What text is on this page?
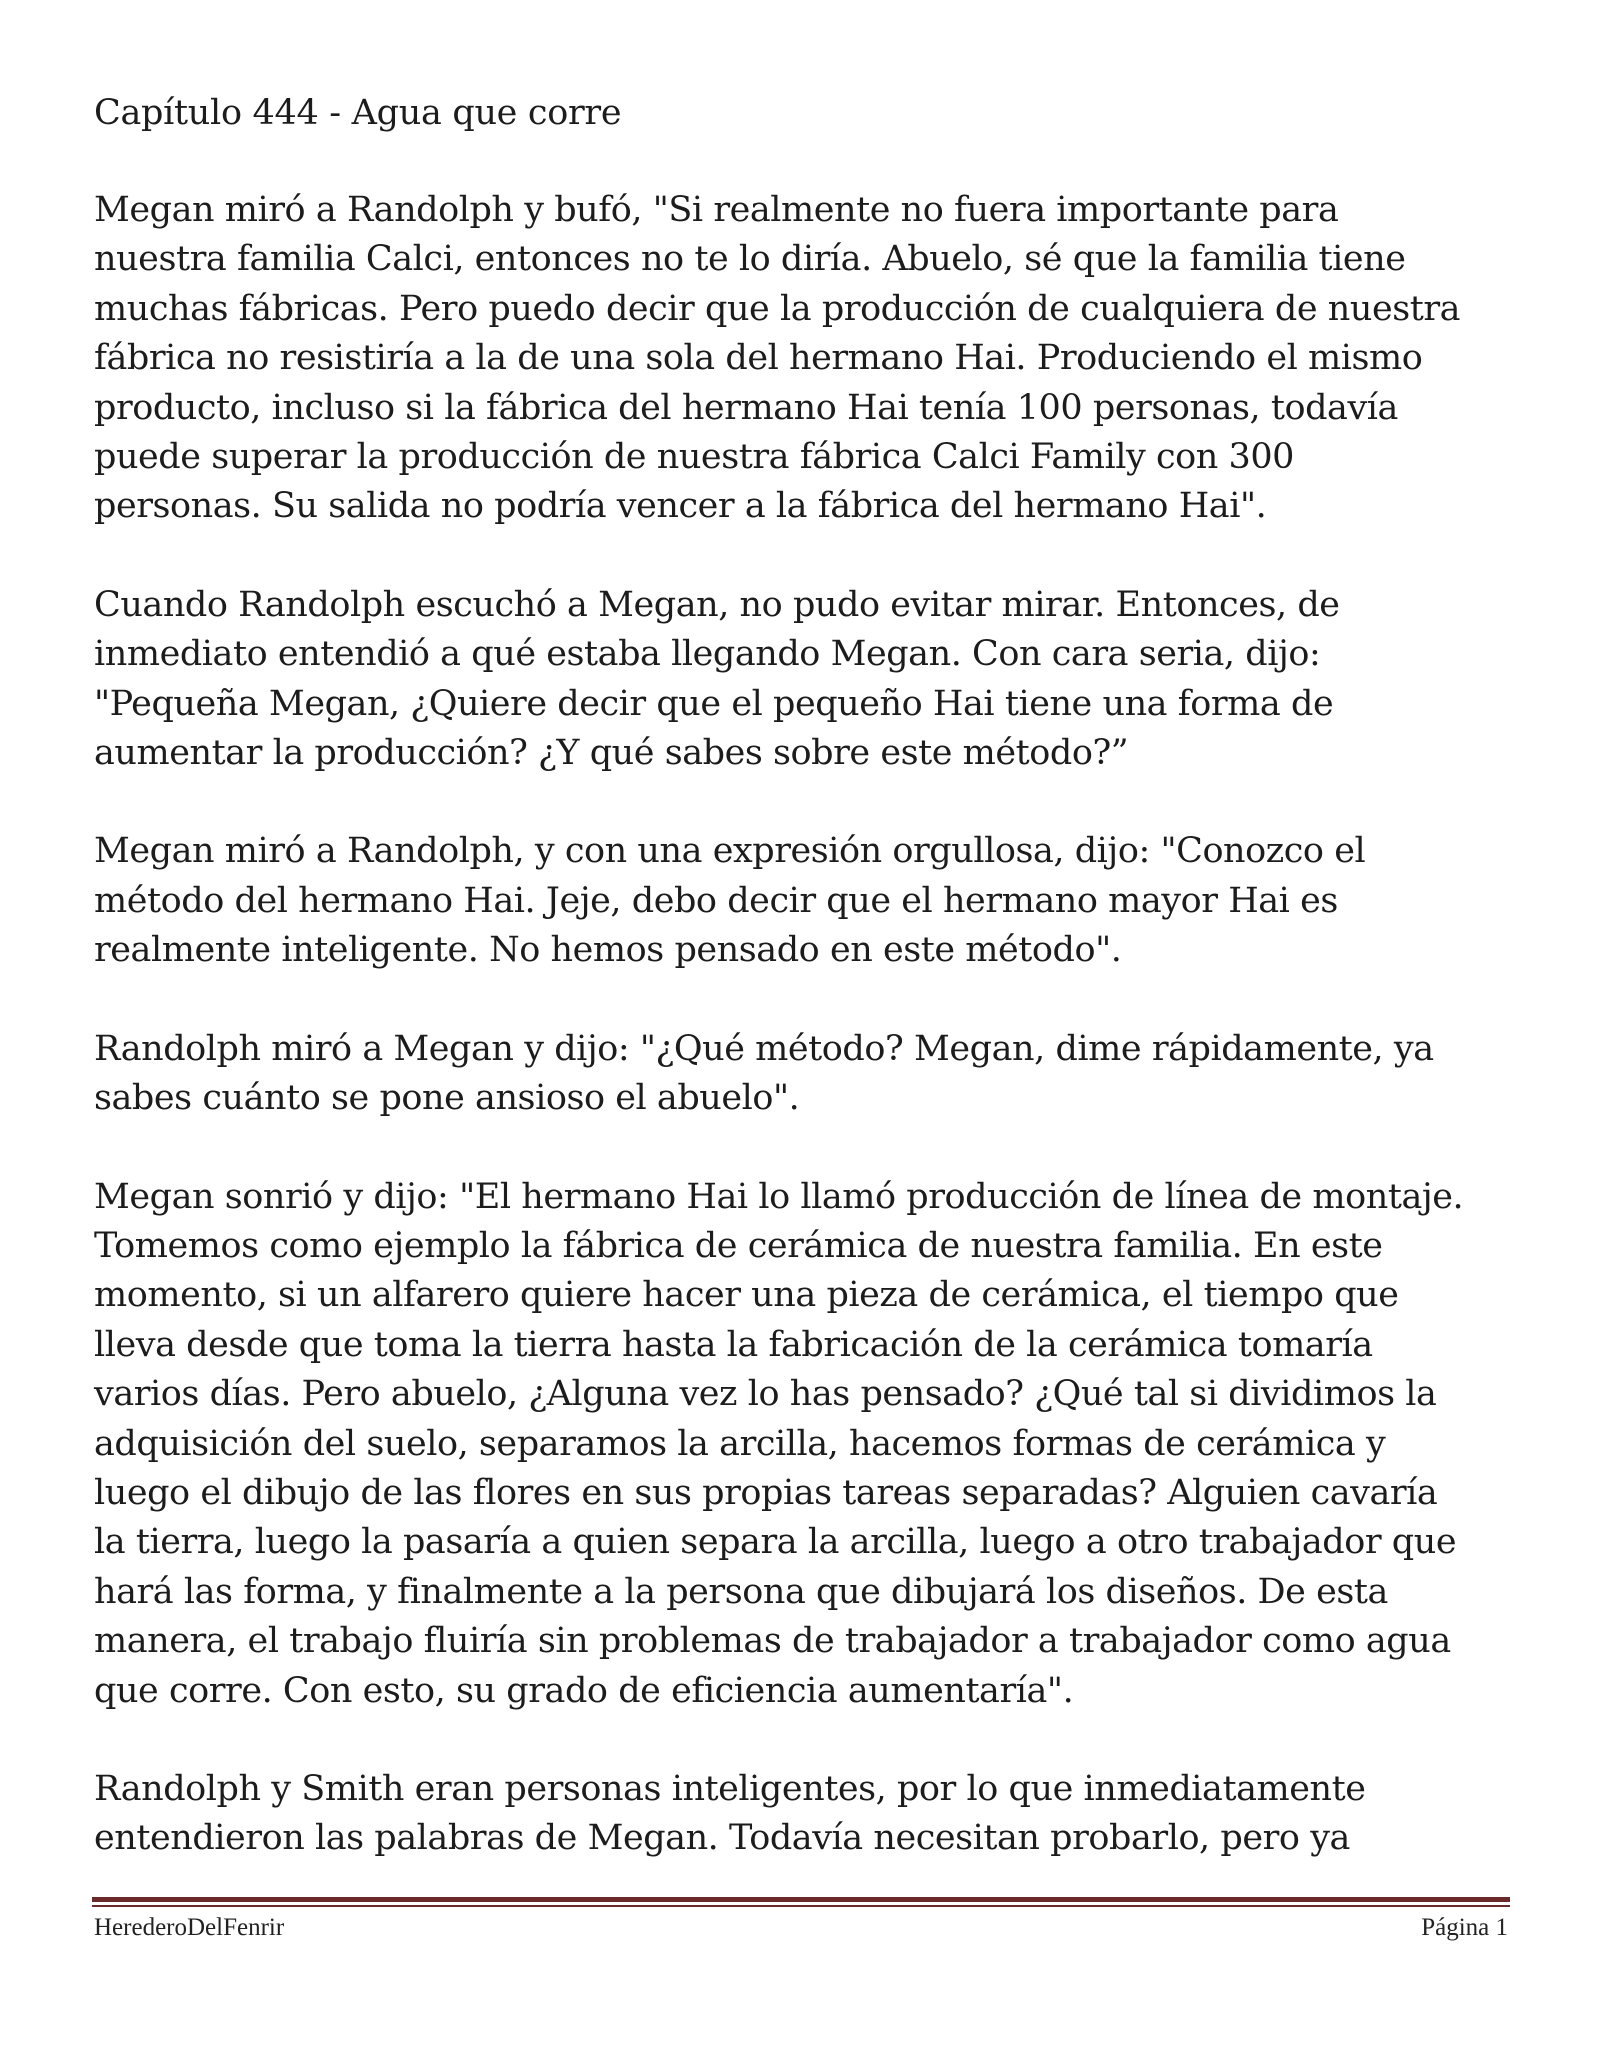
Capítulo 444 - Agua que corre
Megan miró a Randolph y bufó, "Si realmente no fuera importante para
nuestra familia Calci, entonces no te lo diría. Abuelo, sé que la familia tiene
muchas fábricas. Pero puedo decir que la producción de cualquiera de nuestra
fábrica no resistiría a la de una sola del hermano Hai. Produciendo el mismo
producto, incluso si la fábrica del hermano Hai tenía 100 personas, todavía
puede superar la producción de nuestra fábrica Calci Family con 300
personas. Su salida no podría vencer a la fábrica del hermano Hai".
Cuando Randolph escuchó a Megan, no pudo evitar mirar. Entonces, de
inmediato entendió a qué estaba llegando Megan. Con cara seria, dijo:
"Pequeña Megan, ¿Quiere decir que el pequeño Hai tiene una forma de
aumentar la producción? ¿Y qué sabes sobre este método?”
Megan miró a Randolph, y con una expresión orgullosa, dijo: "Conozco el
método del hermano Hai. Jeje, debo decir que el hermano mayor Hai es
realmente inteligente. No hemos pensado en este método".
Randolph miró a Megan y dijo: "¿Qué método? Megan, dime rápidamente, ya
sabes cuánto se pone ansioso el abuelo".
Megan sonrió y dijo: "El hermano Hai lo llamó producción de línea de montaje.
Tomemos como ejemplo la fábrica de cerámica de nuestra familia. En este
momento, si un alfarero quiere hacer una pieza de cerámica, el tiempo que
lleva desde que toma la tierra hasta la fabricación de la cerámica tomaría
varios días. Pero abuelo, ¿Alguna vez lo has pensado? ¿Qué tal si dividimos la
adquisición del suelo, separamos la arcilla, hacemos formas de cerámica y
luego el dibujo de las flores en sus propias tareas separadas? Alguien cavaría
la tierra, luego la pasaría a quien separa la arcilla, luego a otro trabajador que
hará las forma, y finalmente a la persona que dibujará los diseños. De esta
manera, el trabajo fluiría sin problemas de trabajador a trabajador como agua
que corre. Con esto, su grado de eficiencia aumentaría".
Randolph y Smith eran personas inteligentes, por lo que inmediatamente
entendieron las palabras de Megan. Todavía necesitan probarlo, pero ya
HerederoDelFenrir	Página 1
